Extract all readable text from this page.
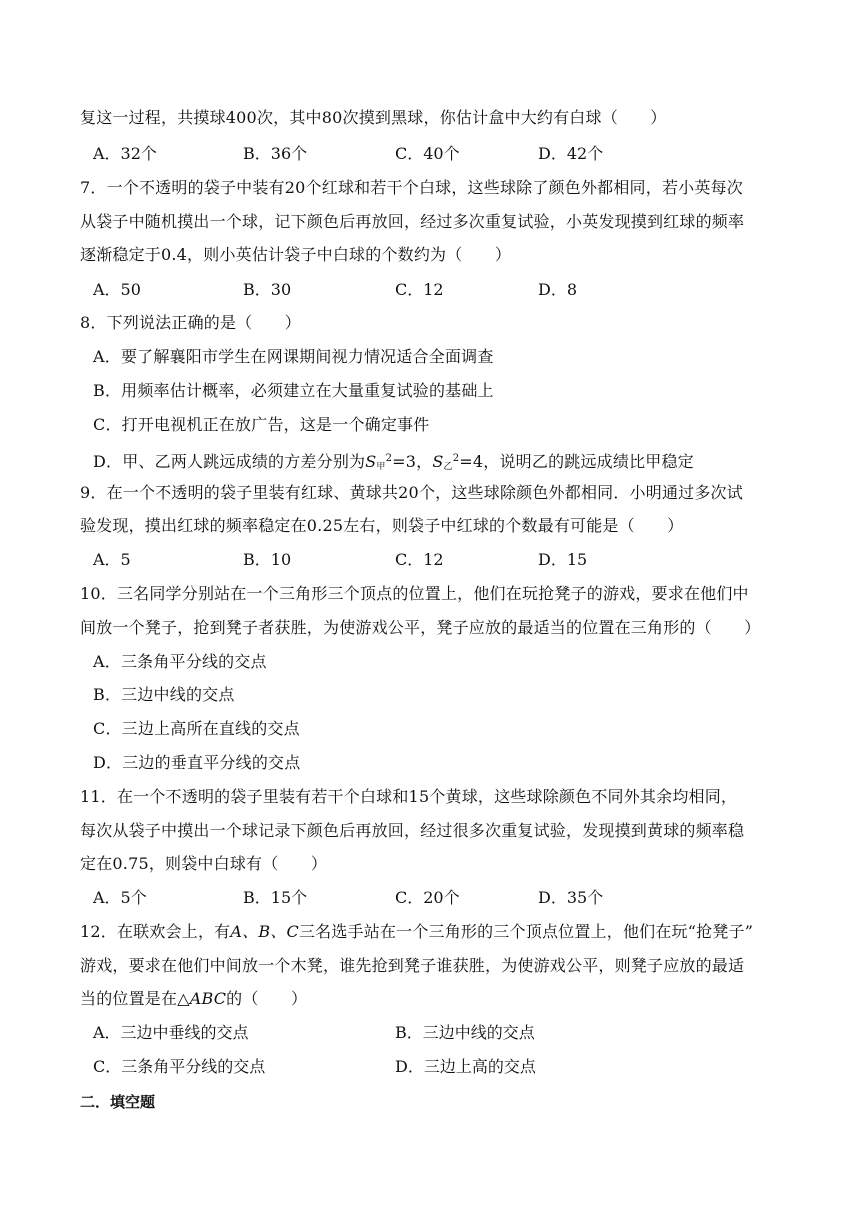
复这一过程，共摸球400次，其中80次摸到黑球，你估计盒中大约有白球（　　）
A．32个	B．36个	C．40个	D．42个
7．一个不透明的袋子中装有20个红球和若干个白球，这些球除了颜色外都相同，若小英每次
从袋子中随机摸出一个球，记下颜色后再放回，经过多次重复试验，小英发现摸到红球的频率
逐渐稳定于0.4，则小英估计袋子中白球的个数约为（　　）
A．50	B．30	C．12	D．8
8．下列说法正确的是（　　）
A．要了解襄阳市学生在网课期间视力情况适合全面调查
B．用频率估计概率，必须建立在大量重复试验的基础上
C．打开电视机正在放广告，这是一个确定事件
D．甲、乙两人跳远成绩的方差分别为$S_甲^2=3$，$S_乙^2=4$，说明乙的跳远成绩比甲稳定
9．在一个不透明的袋子里装有红球、黄球共20个，这些球除颜色外都相同．小明通过多次试
验发现，摸出红球的频率稳定在0.25左右，则袋子中红球的个数最有可能是（　　）
A．5	B．10	C．12	D．15
10．三名同学分别站在一个三角形三个顶点的位置上，他们在玩抢凳子的游戏，要求在他们中
间放一个凳子，抢到凳子者获胜，为使游戏公平，凳子应放的最适当的位置在三角形的（　　）
A．三条角平分线的交点
B．三边中线的交点
C．三边上高所在直线的交点
D．三边的垂直平分线的交点
11．在一个不透明的袋子里装有若干个白球和15个黄球，这些球除颜色不同外其余均相同，
每次从袋子中摸出一个球记录下颜色后再放回，经过很多次重复试验，发现摸到黄球的频率稳
定在0.75，则袋中白球有（　　）
A．5个	B．15个	C．20个	D．35个
12．在联欢会上，有A、B、C三名选手站在一个三角形的三个顶点位置上，他们在玩“抢凳子”
游戏，要求在他们中间放一个木凳，谁先抢到凳子谁获胜，为使游戏公平，则凳子应放的最适
当的位置是在△ABC的（　　）
A．三边中垂线的交点	B．三边中线的交点
C．三条角平分线的交点	D．三边上高的交点
二．填空题
